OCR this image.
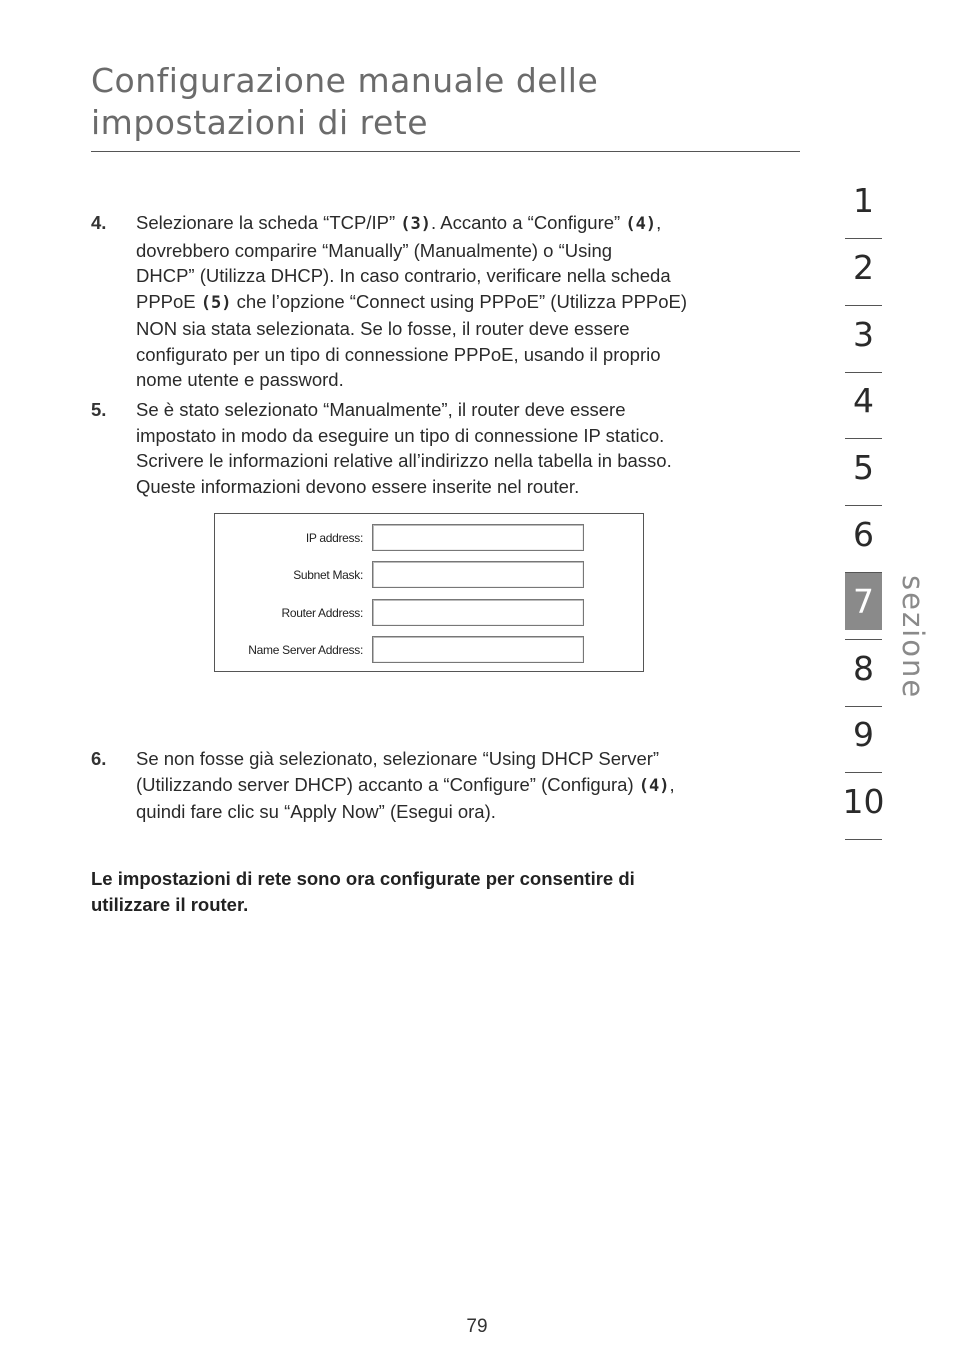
Configurazione manuale delle
impostazioni di rete
4. Selezionare la scheda “TCP/IP” (3). Accanto a “Configure” (4),
dovrebbero comparire “Manually” (Manualmente) o “Using
DHCP” (Utilizza DHCP). In caso contrario, verificare nella scheda
PPPoE (5) che l’opzione “Connect using PPPoE” (Utilizza PPPoE)
NON sia stata selezionata. Se lo fosse, il router deve essere
configurato per un tipo di connessione PPPoE, usando il proprio
nome utente e password.
5. Se è stato selezionato “Manualmente”, il router deve essere
impostato in modo da eseguire un tipo di connessione IP statico.
Scrivere le informazioni relative all’indirizzo nella tabella in basso.
Queste informazioni devono essere inserite nel router.
IP address:
Subnet Mask:
Router Address:
Name Server Address:
6. Se non fosse già selezionato, selezionare “Using DHCP Server”
(Utilizzando server DHCP) accanto a “Configure” (Configura) (4),
quindi fare clic su “Apply Now” (Esegui ora).
Le impostazioni di rete sono ora configurate per consentire di
utilizzare il router.
1
2
3
4
5
6
7
8
9
10
sezione
79
